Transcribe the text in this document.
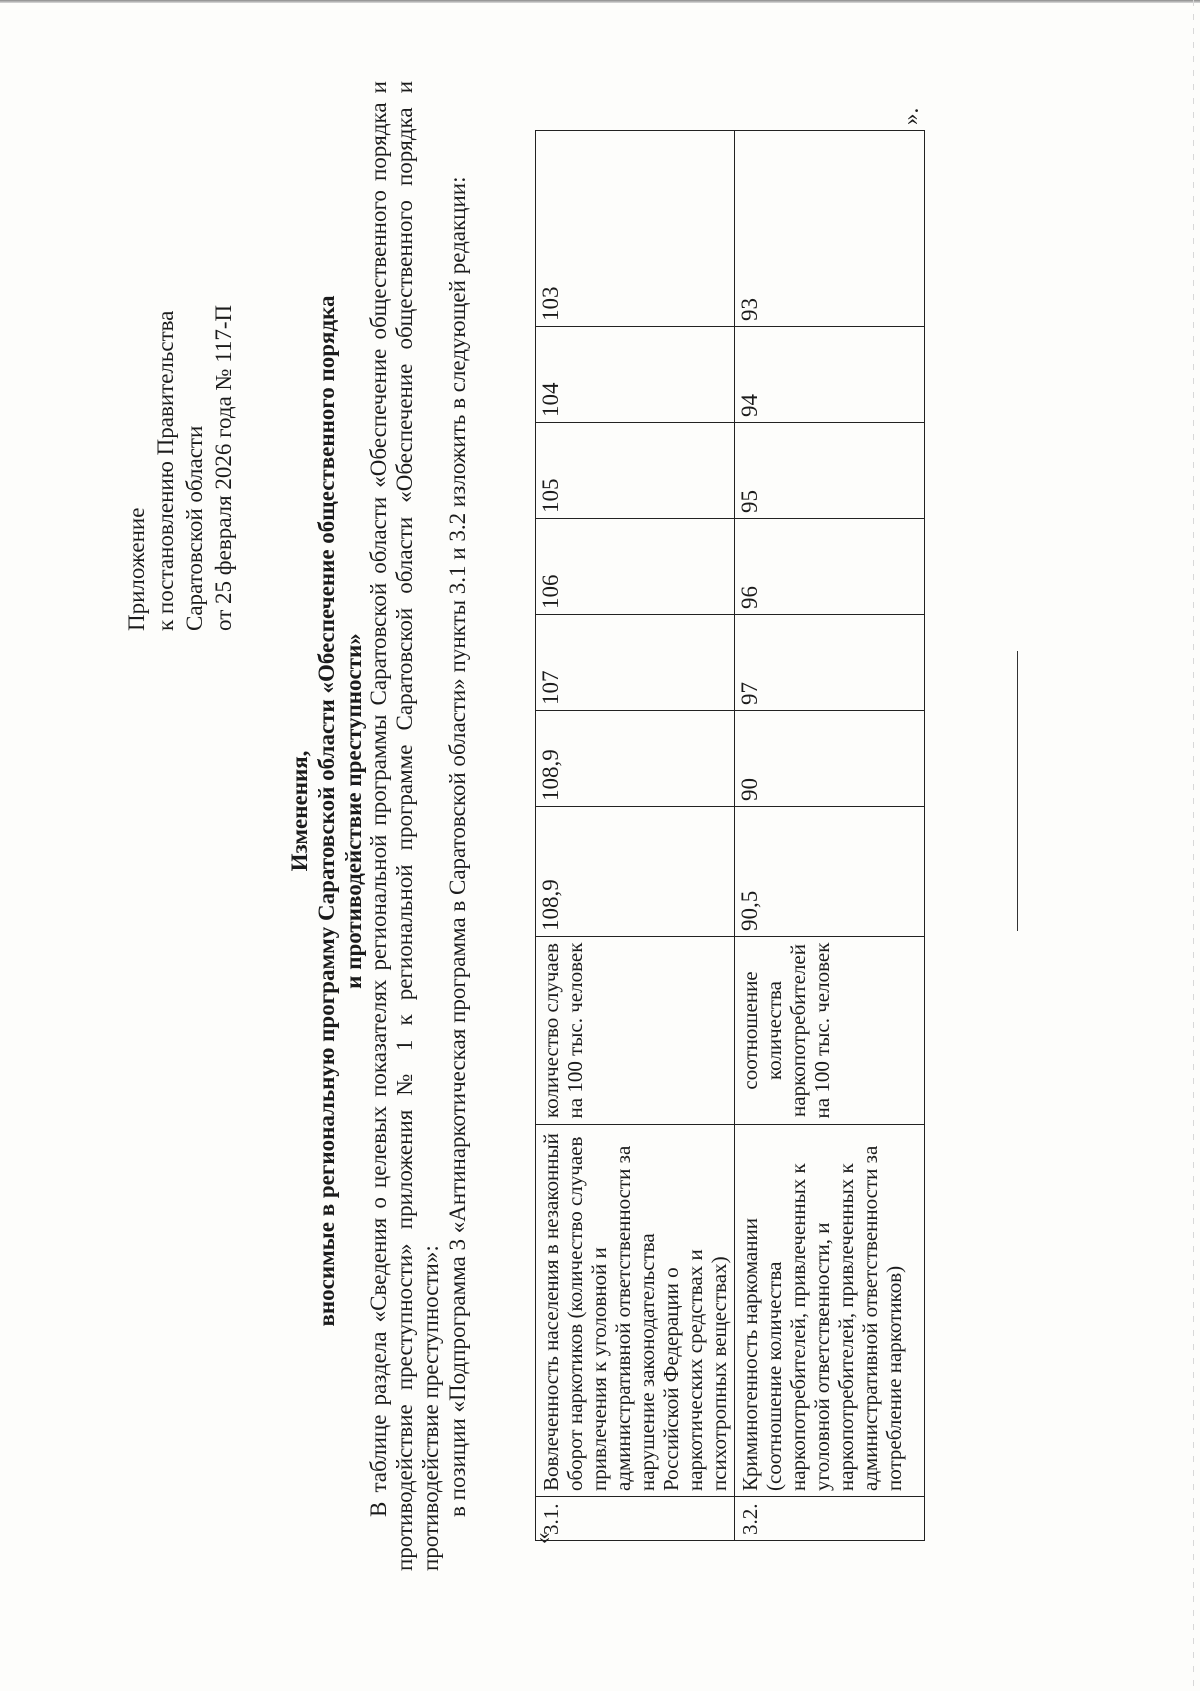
Приложение к постановлению Правительства Саратовской области от 25 февраля 2026 года № 117-П
Изменения, вносимые в региональную программу Саратовской области «Обеспечение общественного порядка и противодействие преступности» В таблице раздела «Сведения о целевых показателях региональной программы Саратовской области «Обеспечение общественного порядка и противодействие преступности» приложения № 1 к региональной программе Саратовской области «Обеспечение общественного порядка и противодействие преступности»: в позиции «Подпрограмма 3 «Антинаркотическая программа в Саратовской области» пункты 3.1 и 3.2 изложить в следующей редакции:
«
3.1.	Вовлеченность населения в незаконный оборот наркотиков (количество случаев привлечения к уголовной и административной ответственности за нарушение законодательства Российской Федерации о наркотических средствах и психотропных веществах)	количество случаев на 100 тыс. человек	108,9	108,9	107	106	105	104	103
3.2.	Криминогенность наркомании (соотношение количества наркопотребителей, привлеченных к уголовной ответственности, и наркопотребителей, привлеченных к административной ответственности за потребление наркотиков)	соотношение количества наркопотребителей на 100 тыс. человек	90,5	90	97	96	95	94	93
».
